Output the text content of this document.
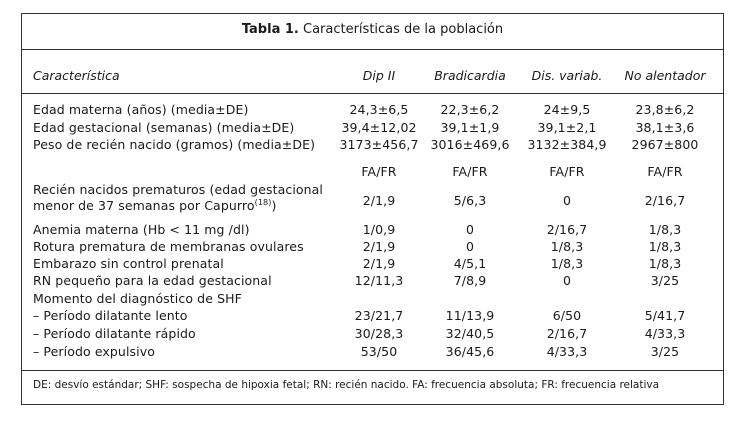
Tabla 1. Características de la población
Característica	Dip II	Bradicardia	Dis. variab.	No alentador
Edad materna (años) (media±DE)	24,3±6,5	22,3±6,2	24±9,5	23,8±6,2
Edad gestacional (semanas) (media±DE)	39,4±12,02	39,1±1,9	39,1±2,1	38,1±3,6
Peso de recién nacido (gramos) (media±DE)	3173±456,7 3016±469,6	3132±384,9	2967±800
FA/FR	FA/FR	FA/FR	FA/FR
Recién nacidos prematuros (edad gestacional
menor de 37 semanas por Capurro$^{(18)}$)	2/1,9	5/6,3	0	2/16,7
Anemia materna (Hb < 11 mg /dl)	1/0,9	0	2/16,7	1/8,3
Rotura prematura de membranas ovulares	2/1,9	0	1/8,3	1/8,3
Embarazo sin control prenatal	2/1,9	4/5,1	1/8,3	1/8,3
RN pequeño para la edad gestacional	12/11,3	7/8,9	0	3/25
Momento del diagnóstico de SHF
– Período dilatante lento	23/21,7	11/13,9	6/50	5/41,7
– Período dilatante rápido	30/28,3	32/40,5	2/16,7	4/33,3
– Período expulsivo	53/50	36/45,6	4/33,3	3/25
DE: desvío estándar; SHF: sospecha de hipoxia fetal; RN: recién nacido. FA: frecuencia absoluta; FR: frecuencia relativa
